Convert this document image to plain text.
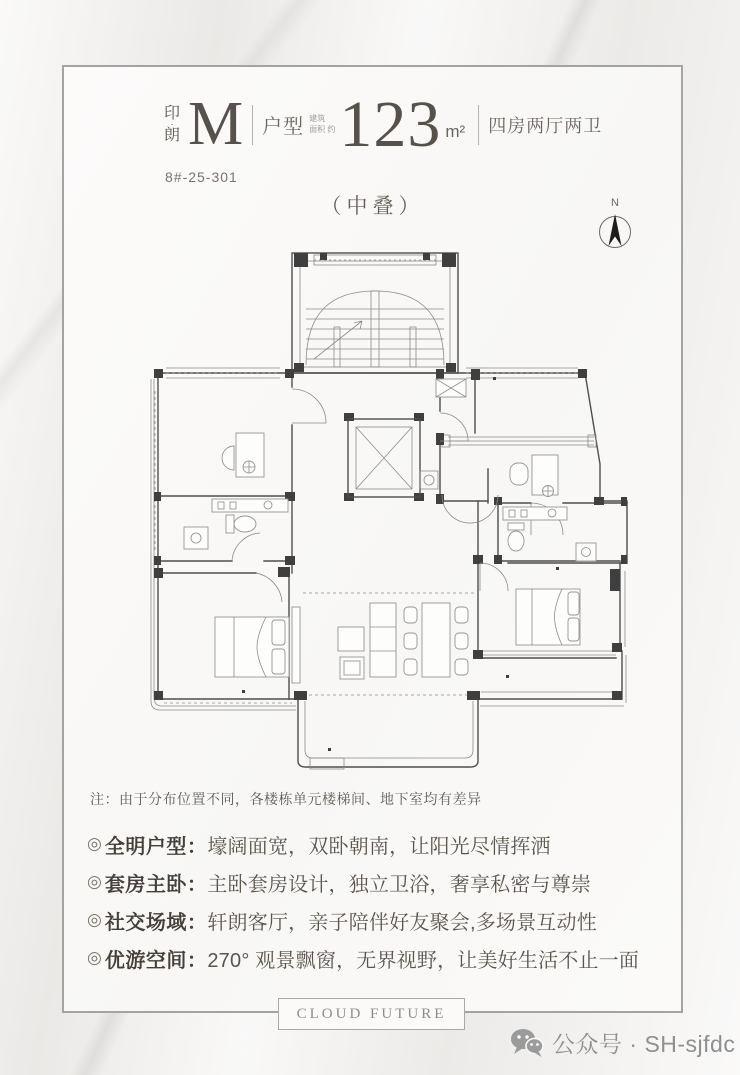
印
·
朗 M 户型 建筑
面积 约 123 m² 四房两厅两卫
8#-25-301
（中叠）	N
注：由于分布位置不同，各楼栋单元楼梯间、地下室均有差异
◎ 全明户型： 壕阔面宽，双卧朝南，让阳光尽情挥洒
◎ 套房主卧： 主卧套房设计，独立卫浴，奢享私密与尊崇
◎ 社交场域： 轩朗客厅，亲子陪伴好友聚会,多场景互动性
◎ 优游空间： 270° 观景飘窗，无界视野，让美好生活不止一面
CLOUD FUTURE
公众号 · SH-sjfdc
